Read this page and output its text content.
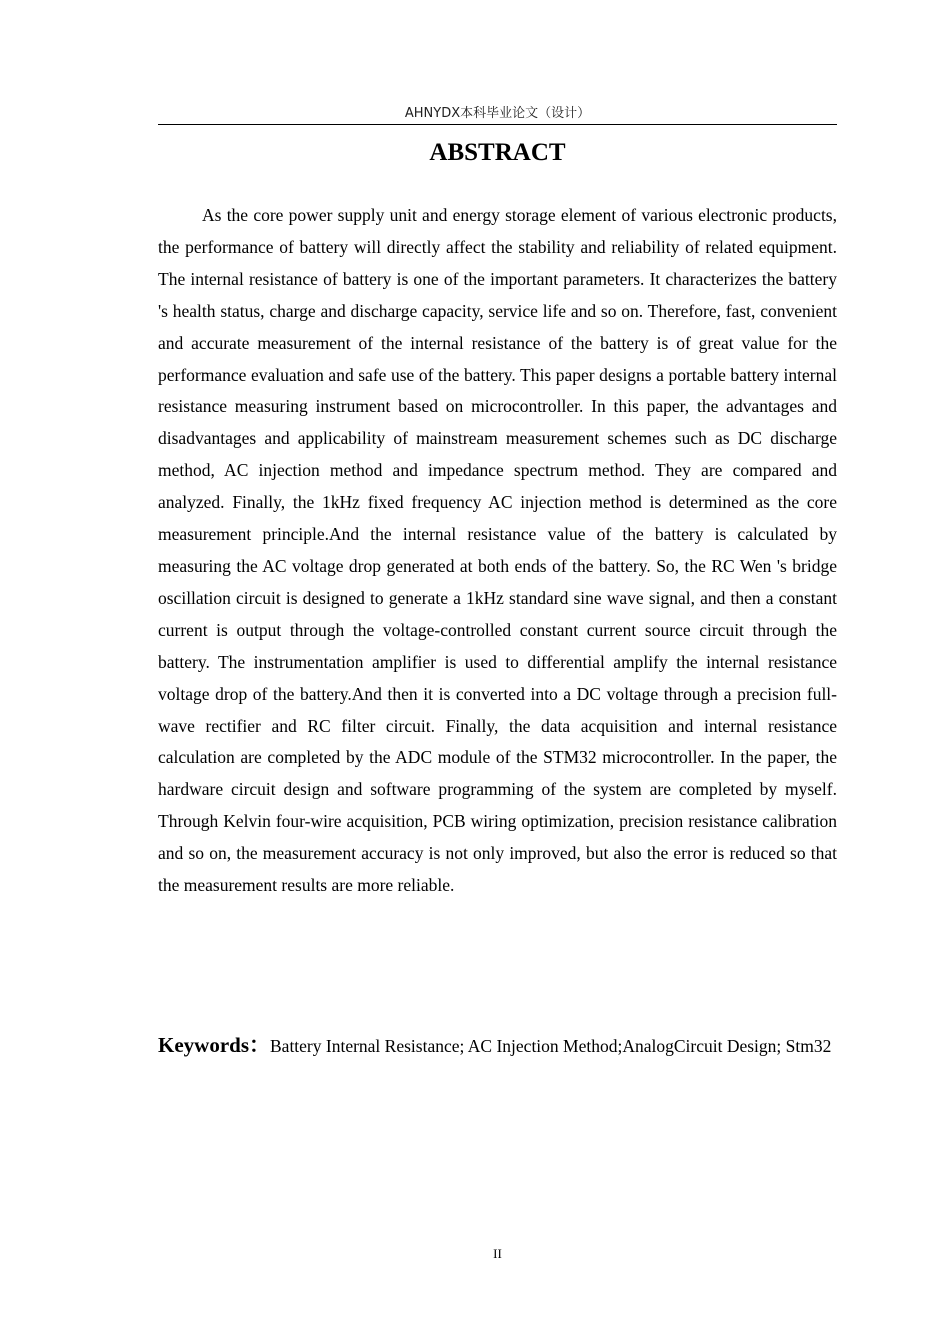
AHNYDX本科毕业论文（设计）
ABSTRACT

As the core power supply unit and energy storage element of various electronic products, the performance of battery will directly affect the stability and reliability of related equipment. The internal resistance of battery is one of the important parameters. It characterizes the battery 's health status, charge and discharge capacity, service life and so on. Therefore, fast, convenient and accurate measurement of the internal resistance of the battery is of great value for the performance evaluation and safe use of the battery. This paper designs a portable battery internal resistance measuring instrument based on microcontroller. In this paper, the advantages and disadvantages and applicability of mainstream measurement schemes such as DC discharge method, AC injection method and impedance spectrum method. They are compared and analyzed. Finally, the 1kHz fixed frequency AC injection method is determined as the core measurement principle.And the internal resistance value of the battery is calculated by measuring the AC voltage drop generated at both ends of the battery. So, the RC Wen 's bridge oscillation circuit is designed to generate a 1kHz standard sine wave signal, and then a constant current is output through the voltage-controlled constant current source circuit through the battery. The instrumentation amplifier is used to differential amplify the internal resistance voltage drop of the battery.And then it is converted into a DC voltage through a precision full-wave rectifier and RC filter circuit. Finally, the data acquisition and internal resistance calculation are completed by the ADC module of the STM32 microcontroller. In the paper, the hardware circuit design and software programming of the system are completed by myself. Through Kelvin four-wire acquisition, PCB wiring optimization, precision resistance calibration and so on, the measurement accuracy is not only improved, but also the error is reduced so that the measurement results are more reliable.

Keywords：Battery Internal Resistance; AC Injection Method;AnalogCircuit Design; Stm32

II
